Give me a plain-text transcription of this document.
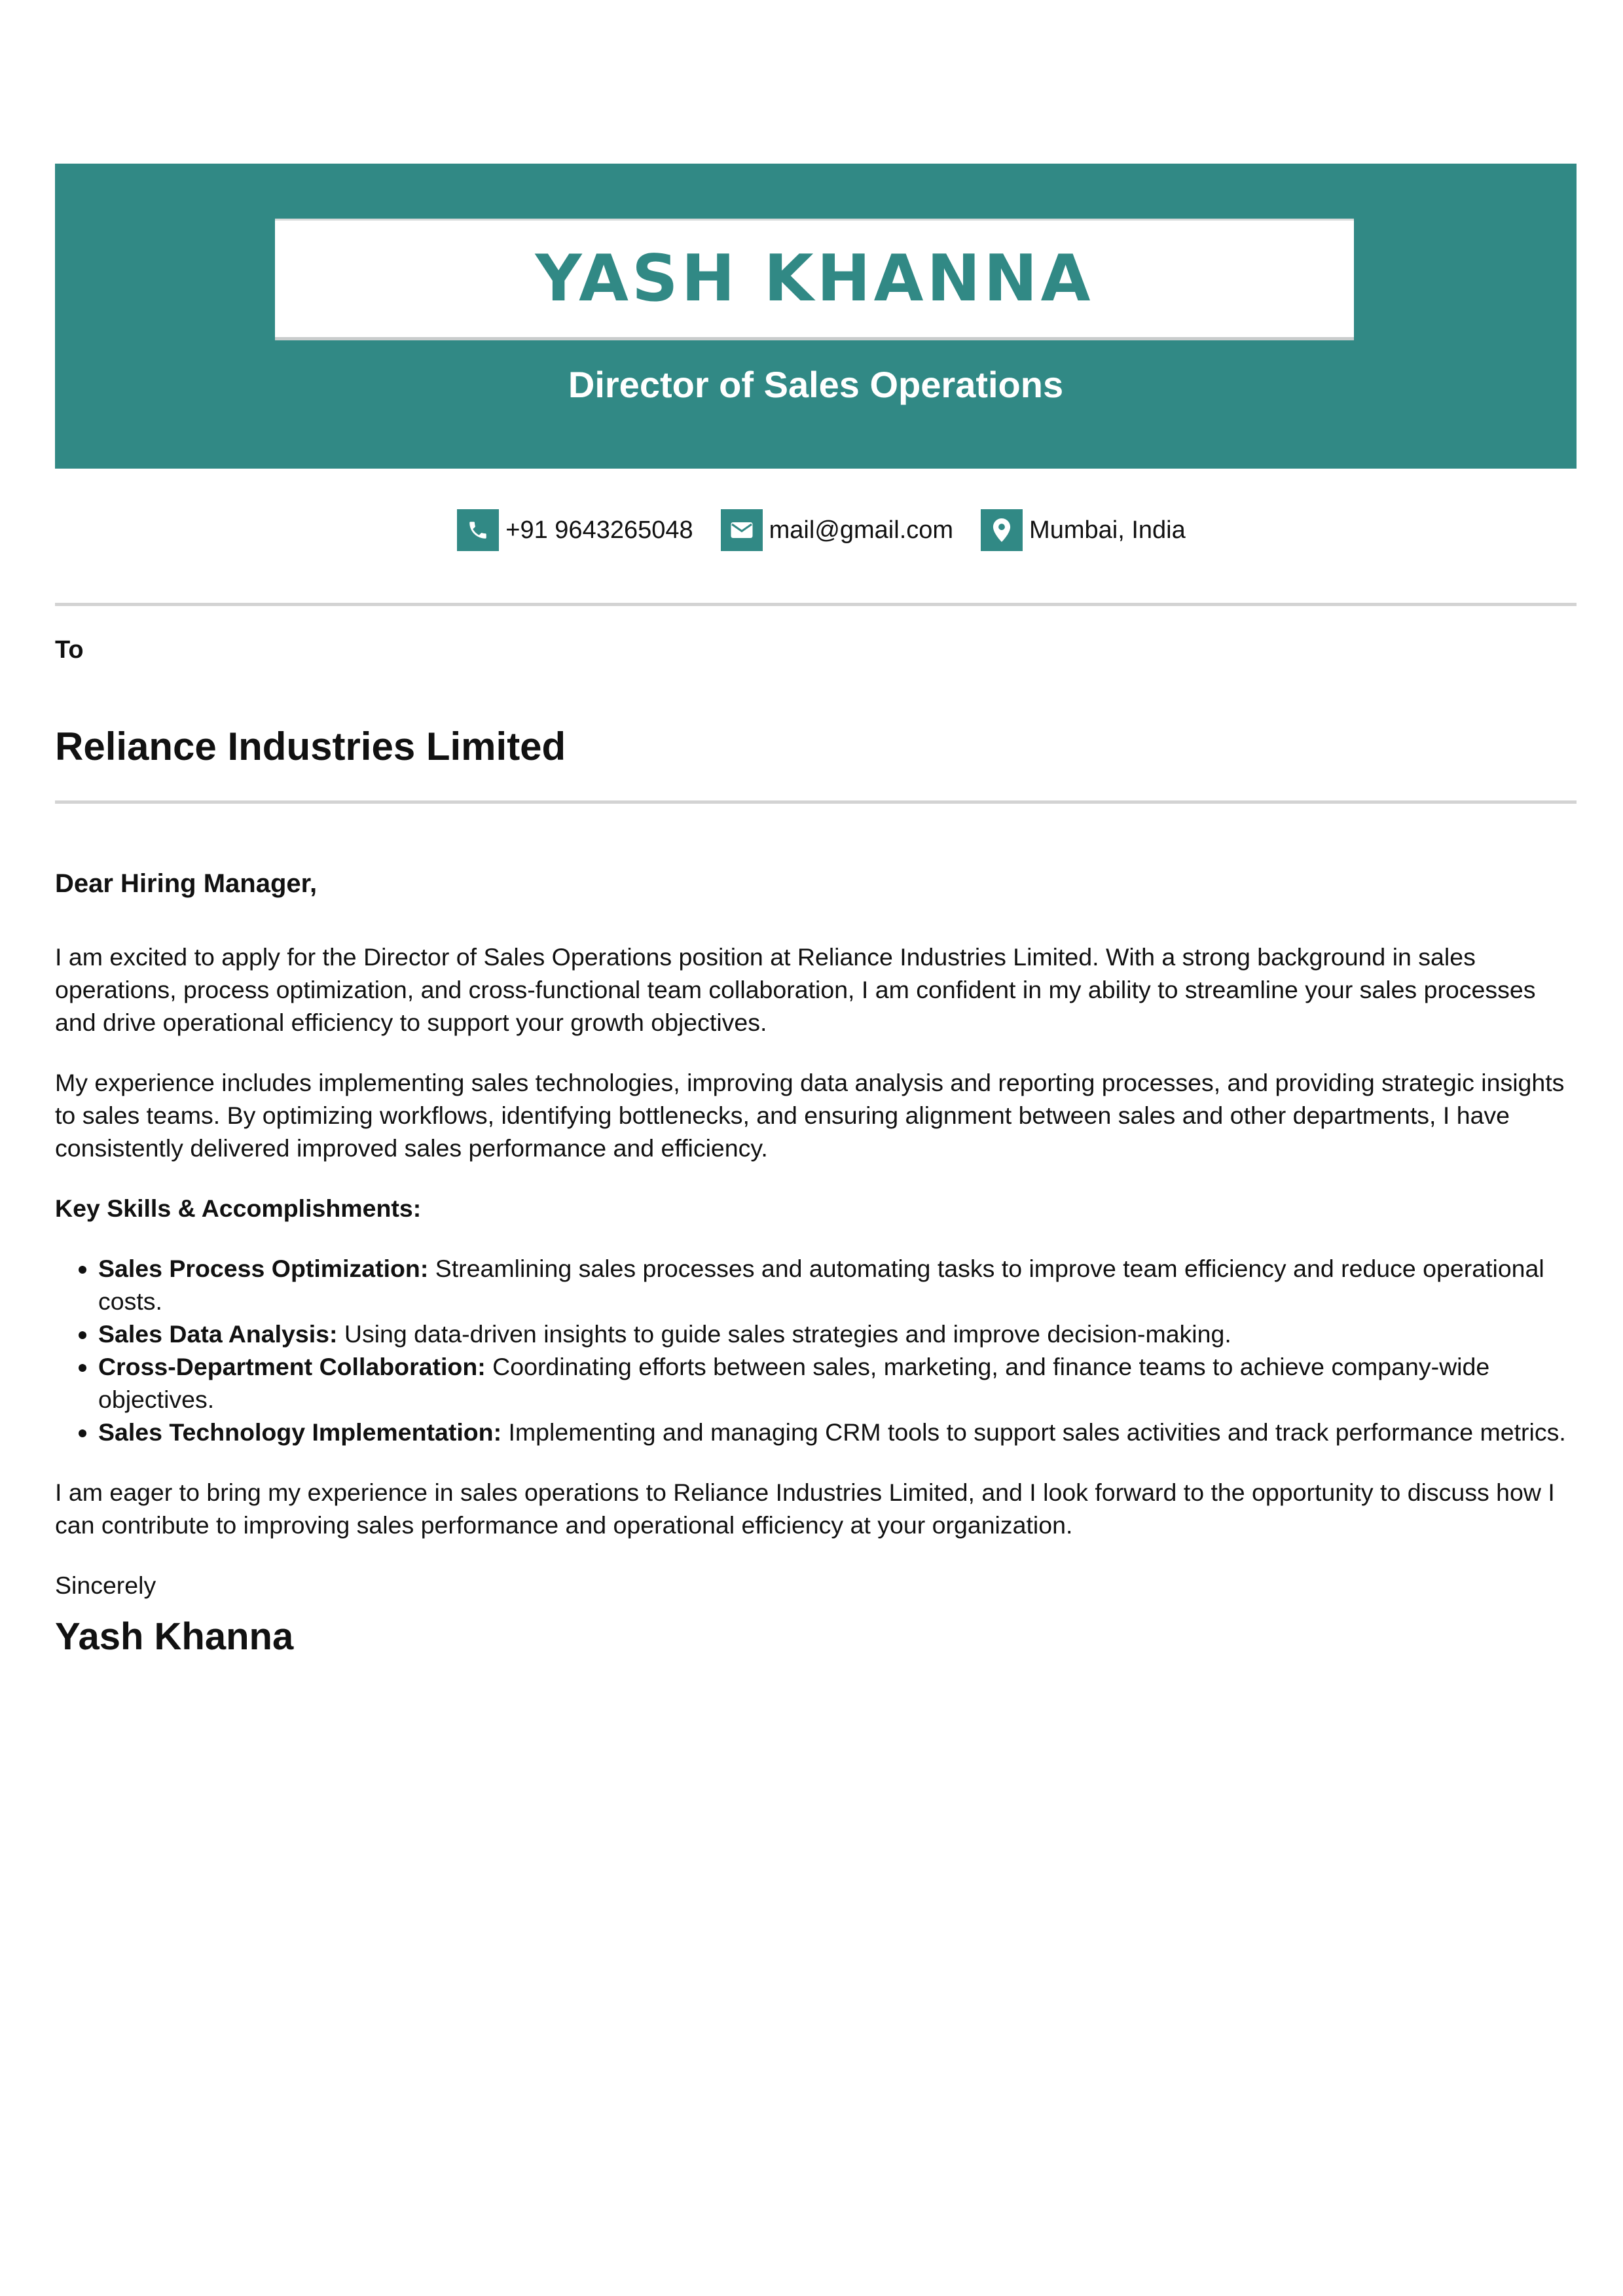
YASH KHANNA
Director of Sales Operations
+91 9643265048	mail@gmail.com	Mumbai, India
To
Reliance Industries Limited

Dear Hiring Manager,

I am excited to apply for the Director of Sales Operations position at Reliance Industries Limited. With a strong background in sales operations, process optimization, and cross-functional team collaboration, I am confident in my ability to streamline your sales processes and drive operational efficiency to support your growth objectives.

My experience includes implementing sales technologies, improving data analysis and reporting processes, and providing strategic insights to sales teams. By optimizing workflows, identifying bottlenecks, and ensuring alignment between sales and other departments, I have consistently delivered improved sales performance and efficiency.

Key Skills & Accomplishments:

• Sales Process Optimization: Streamlining sales processes and automating tasks to improve team efficiency and reduce operational costs.
• Sales Data Analysis: Using data-driven insights to guide sales strategies and improve decision-making.
• Cross-Department Collaboration: Coordinating efforts between sales, marketing, and finance teams to achieve company-wide objectives.
• Sales Technology Implementation: Implementing and managing CRM tools to support sales activities and track performance metrics.

I am eager to bring my experience in sales operations to Reliance Industries Limited, and I look forward to the opportunity to discuss how I can contribute to improving sales performance and operational efficiency at your organization.

Sincerely

Yash Khanna
